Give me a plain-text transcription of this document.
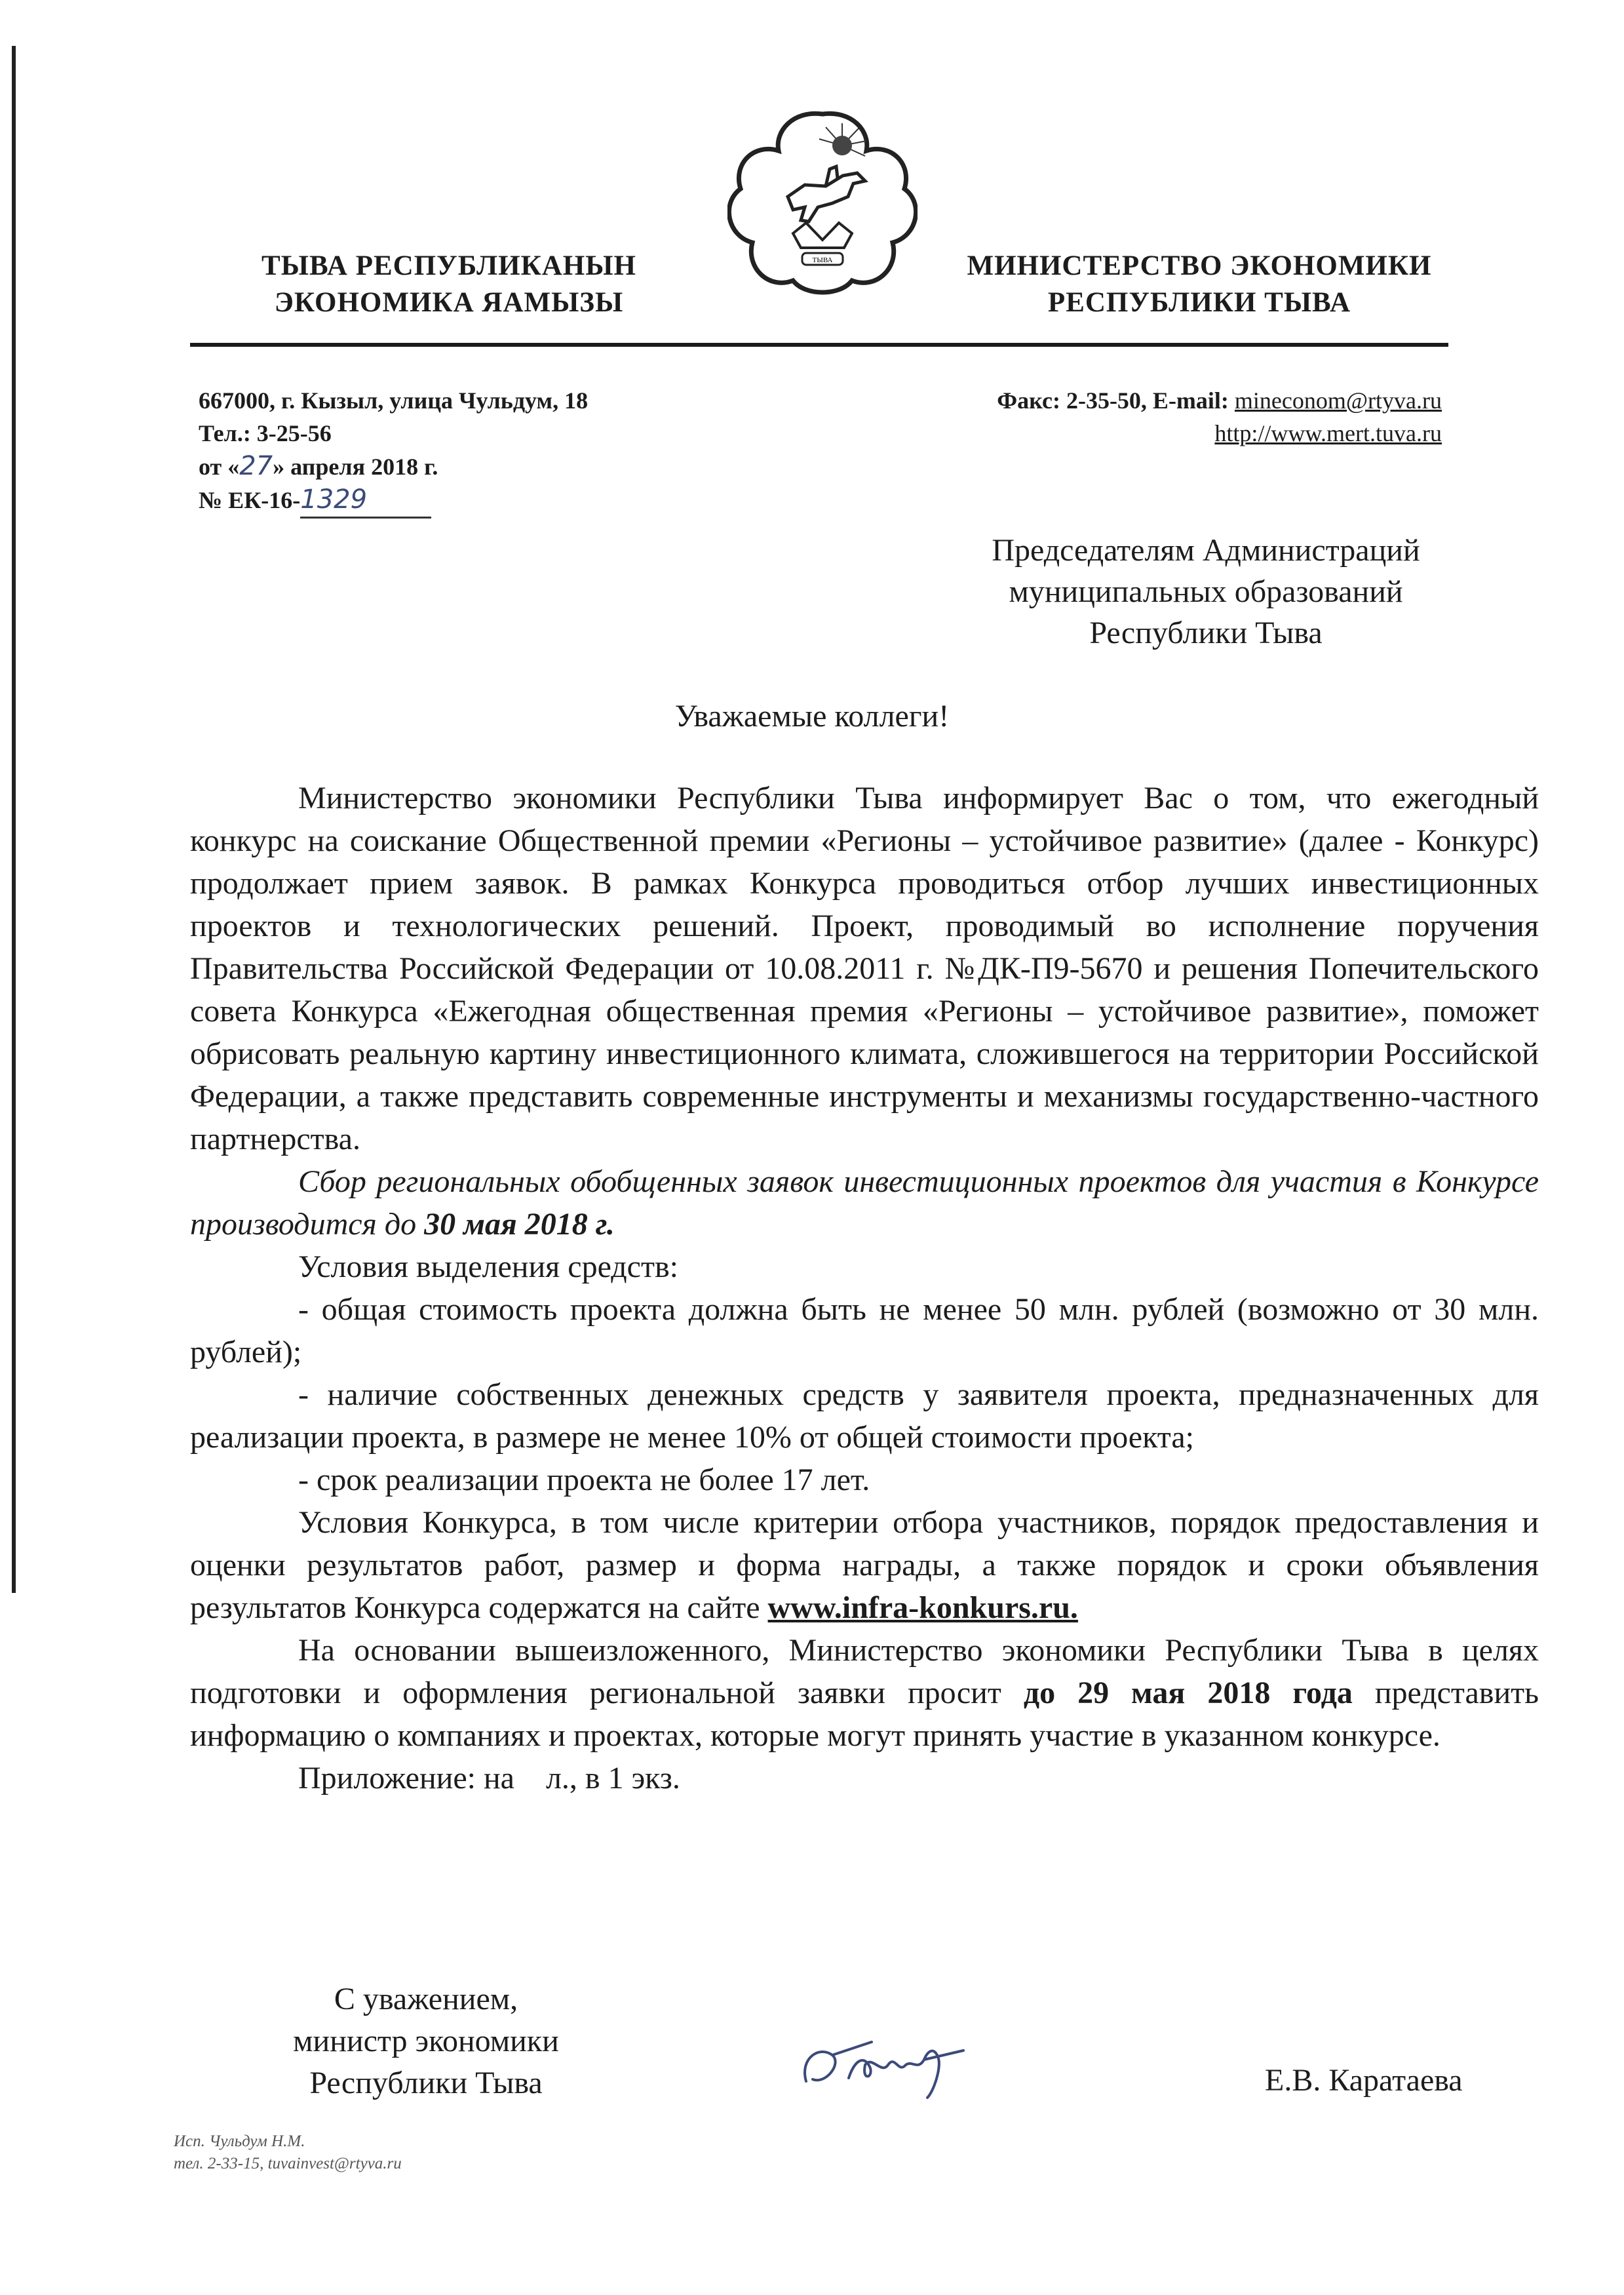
ТЫВА
ТЫВА РЕСПУБЛИКАНЫН
ЭКОНОМИКА ЯАМЫЗЫ
МИНИСТЕРСТВО ЭКОНОМИКИ
РЕСПУБЛИКИ ТЫВА
667000, г. Кызыл, улица Чульдум, 18
Тел.: 3-25-56
от «27» апреля 2018 г.
№ ЕК-16-1329
Факс: 2-35-50, E-mail: mineconom@rtyva.ru
http://www.mert.tuva.ru
Председателям Администраций
муниципальных образований
Республики Тыва
Уважаемые коллеги!

Министерство экономики Республики Тыва информирует Вас о том, что ежегодный конкурс на соискание Общественной премии «Регионы – устойчивое развитие» (далее - Конкурс) продолжает прием заявок. В рамках Конкурса проводиться отбор лучших инвестиционных проектов и технологических решений. Проект, проводимый во исполнение поручения Правительства Российской Федерации от 10.08.2011 г. №ДК-П9-5670 и решения Попечительского совета Конкурса «Ежегодная общественная премия «Регионы – устойчивое развитие», поможет обрисовать реальную картину инвестиционного климата, сложившегося на территории Российской Федерации, а также представить современные инструменты и механизмы государственно-частного партнерства.

Сбор региональных обобщенных заявок инвестиционных проектов для участия в Конкурсе производится до 30 мая 2018 г.

Условия выделения средств:

- общая стоимость проекта должна быть не менее 50 млн. рублей (возможно от 30 млн. рублей);

- наличие собственных денежных средств у заявителя проекта, предназначенных для реализации проекта, в размере не менее 10% от общей стоимости проекта;

- срок реализации проекта не более 17 лет.

Условия Конкурса, в том числе критерии отбора участников, порядок предоставления и оценки результатов работ, размер и форма награды, а также порядок и сроки объявления результатов Конкурса содержатся на сайте www.infra-konkurs.ru.

На основании вышеизложенного, Министерство экономики Республики Тыва в целях подготовки и оформления региональной заявки просит до 29 мая 2018 года представить информацию о компаниях и проектах, которые могут принять участие в указанном конкурсе.

Приложение: на    л., в 1 экз.

С уважением,
министр экономики
Республики Тыва	Е.В. Каратаева
Исп. Чульдум Н.М.
тел. 2-33-15, tuvainvest@rtyva.ru
